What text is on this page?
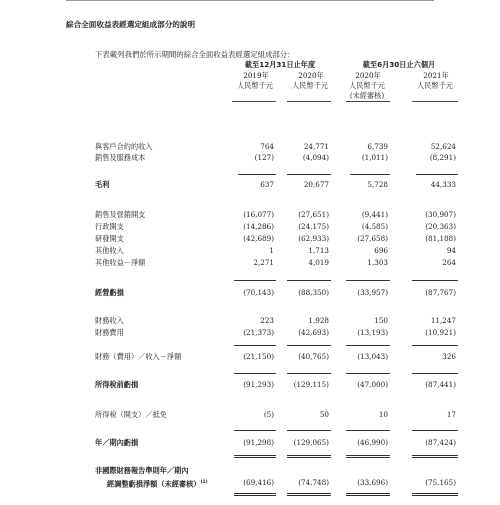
綜合全面收益表經選定組成部分的說明
下表載列我們於所示期間的綜合全面收益表經選定組成部分：
截至12月31日止年度	截至6月30日止六個月
2019年	2020年	2020年	2021年
人民幣千元	人民幣千元	人民幣千元	人民幣千元
(未經審核)
與客戶合約的收入	764	24,771	6,739	52,624
銷售及服務成本	(127)	(4,094)	(1,011)	(8,291)
毛利	637	20,677	5,728	44,333
銷售及營銷開支	(16,077)	(27,651)	(9,441)	(30,907)
行政開支	(14,286)	(24,175)	(4,585)	(20,363)
研發開支	(42,689)	(62,933)	(27,658)	(81,188)
其他收入	1	1,713	696	94
其他收益－淨額	2,271	4,019	1,303	264
經營虧損	(70,143)	(88,350)	(33,957)	(87,767)
財務收入	223	1,928	150	11,247
財務費用	(21,373)	(42,693)	(13,193)	(10,921)
財務（費用）／收入－淨額	(21,150)	(40,765)	(13,043)	326
所得稅前虧損	(91,293)	(129,115)	(47,000)	(87,441)
所得稅（開支）／抵免	(5)	50	10	17
年／期內虧損	(91,298)	(129,065)	(46,990)	(87,424)
非國際財務報告準則年／期內
經調整虧損淨額（未經審核）$^{(1)}$	(69,416)	(74,748)	(33,696)	(75,165)
